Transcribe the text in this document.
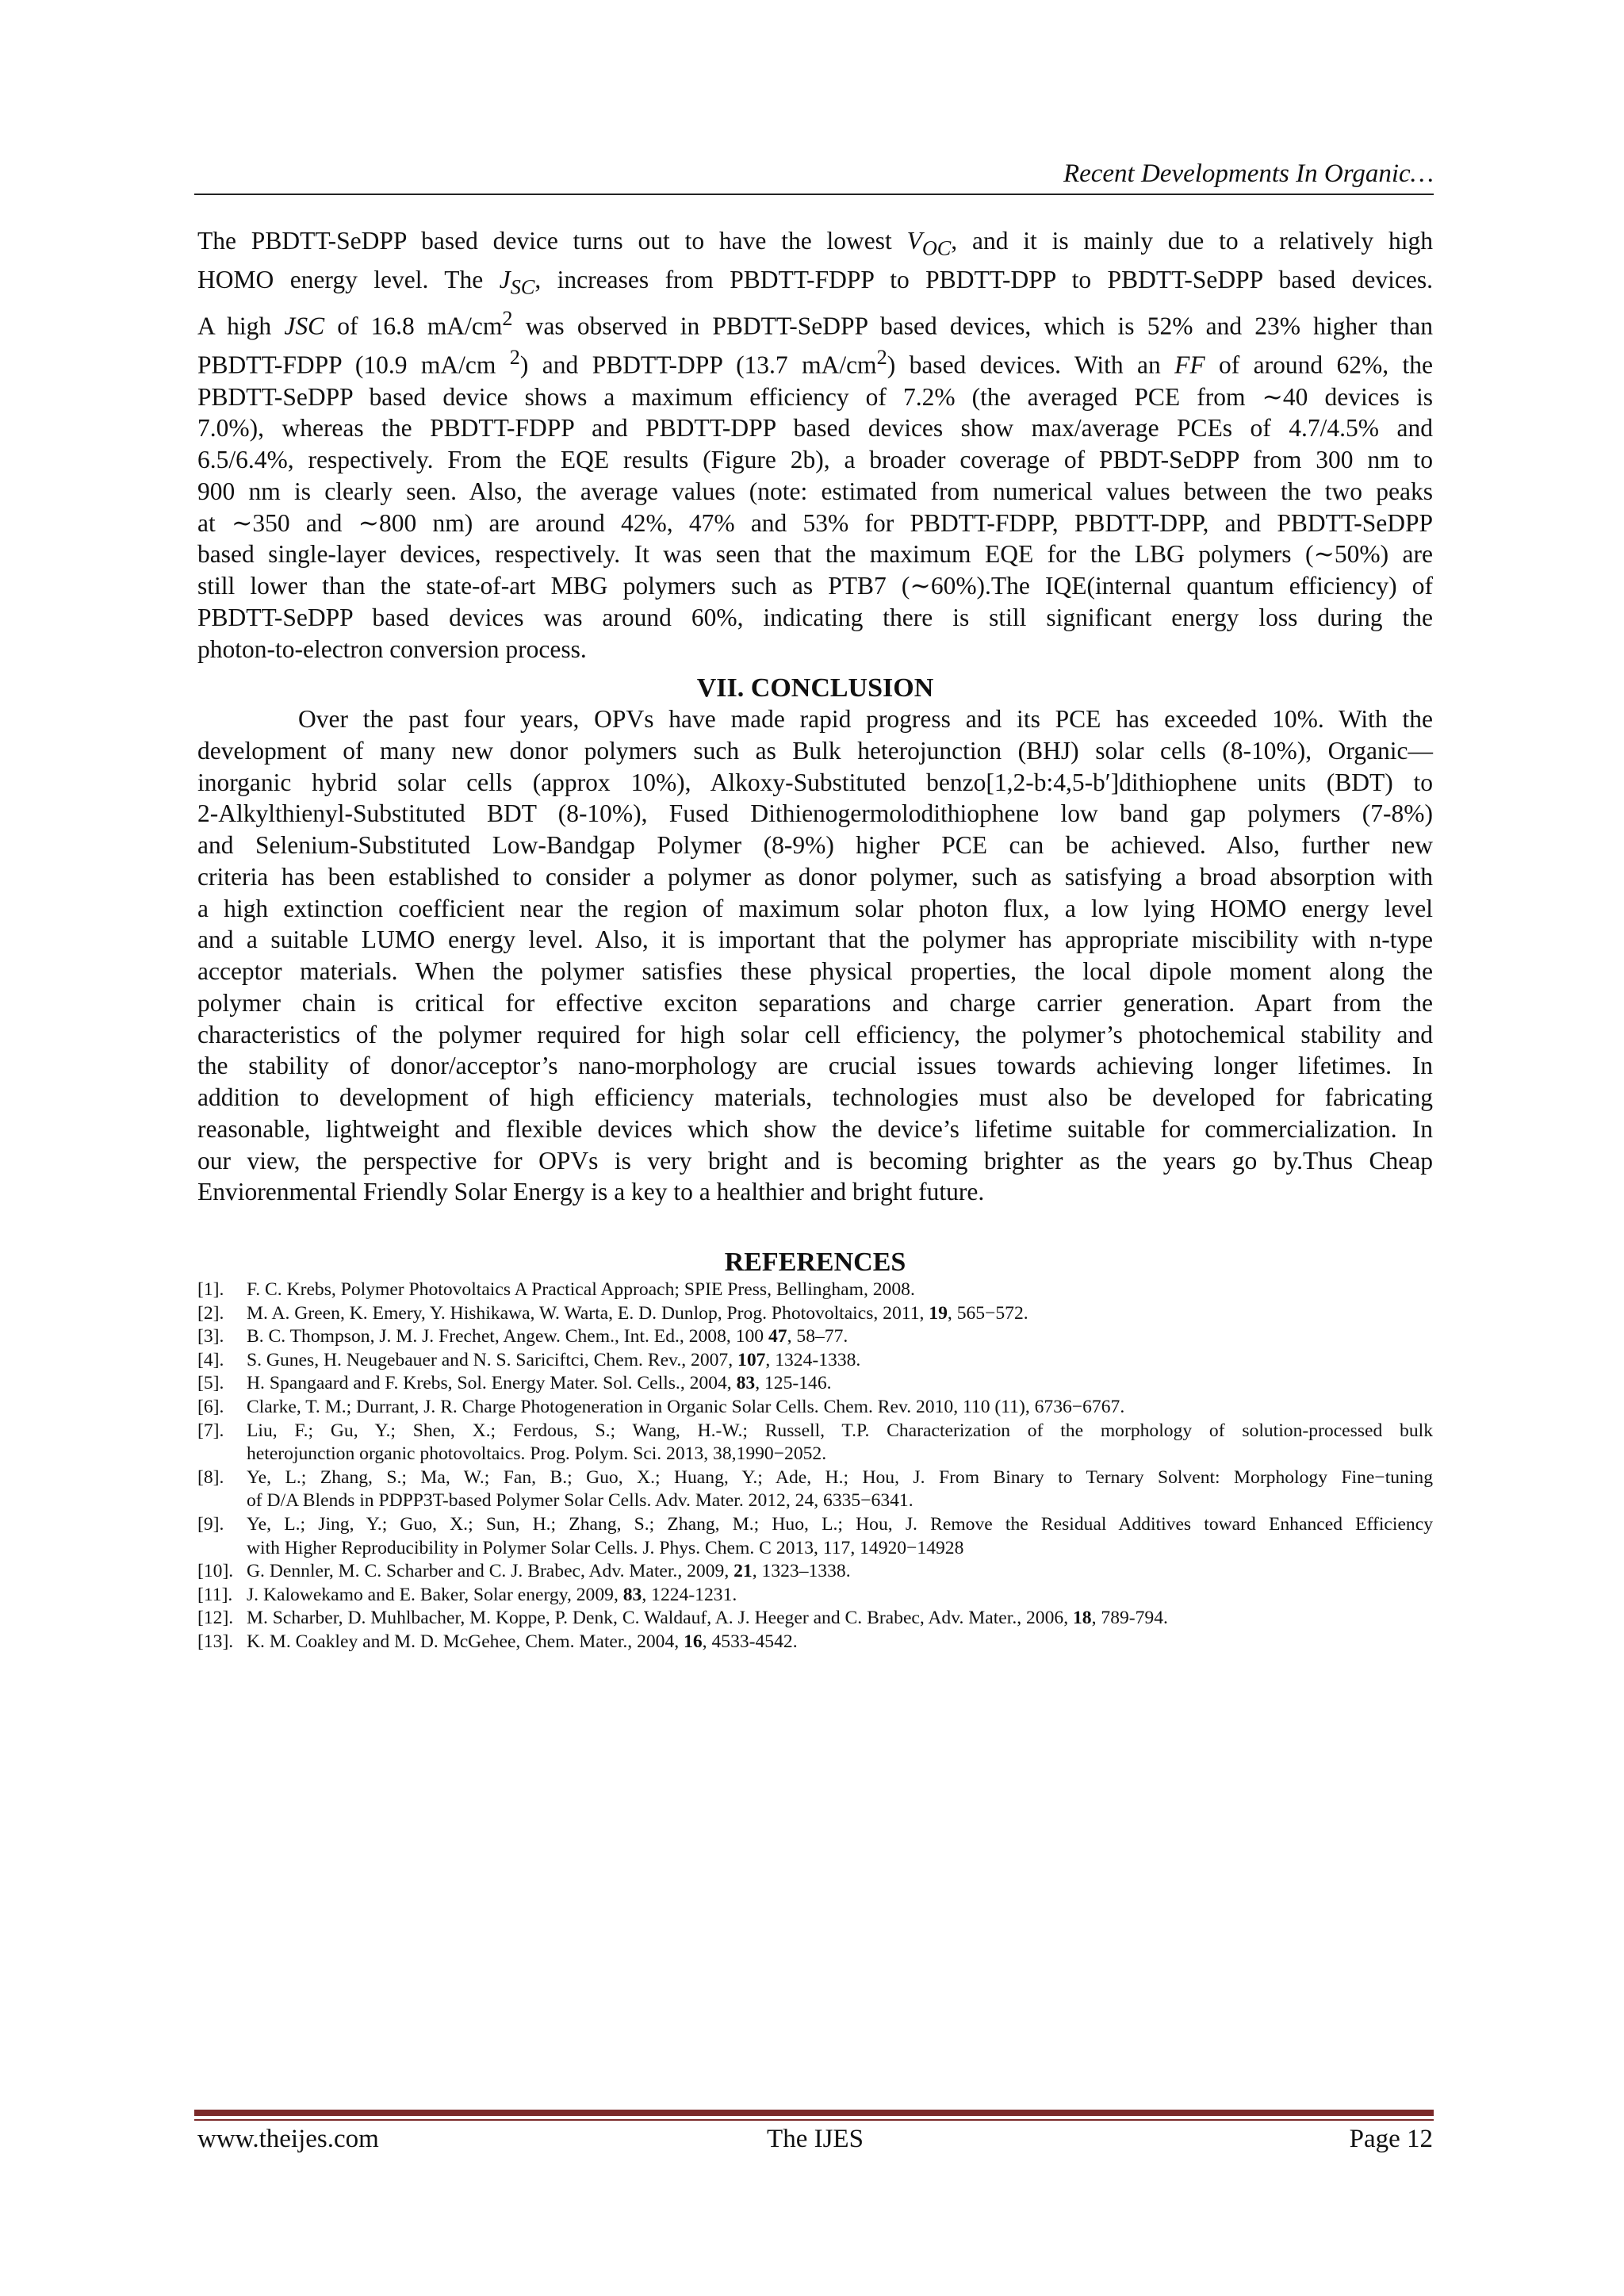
Recent Developments In Organic…
The PBDTT-SeDPP based device turns out to have the lowest $V_{OC}$, and it is mainly due to a relatively high
HOMO energy level. The $J_{SC}$, increases from PBDTT-FDPP to PBDTT-DPP to PBDTT-SeDPP based devices.
A high JSC of 16.8 $mA/cm^2$ was observed in PBDTT-SeDPP based devices, which is 52% and 23% higher than
PBDTT-FDPP (10.9 mA/cm $^2$) and PBDTT-DPP (13.7 $mA/cm^2$) based devices. With an FF of around 62%, the
PBDTT-SeDPP based device shows a maximum efficiency of 7.2% (the averaged PCE from ∼40 devices is
7.0%), whereas the PBDTT-FDPP and PBDTT-DPP based devices show max/average PCEs of 4.7/4.5% and
6.5/6.4%, respectively. From the EQE results (Figure 2b), a broader coverage of PBDT-SeDPP from 300 nm to
900 nm is clearly seen. Also, the average values (note: estimated from numerical values between the two peaks
at ∼350 and ∼800 nm) are around 42%, 47% and 53% for PBDTT-FDPP, PBDTT-DPP, and PBDTT-SeDPP
based single-layer devices, respectively. It was seen that the maximum EQE for the LBG polymers (∼50%) are
still lower than the state-of-art MBG polymers such as PTB7 (∼60%).The IQE(internal quantum efficiency) of
PBDTT-SeDPP based devices was around 60%, indicating there is still significant energy loss during the
photon-to-electron conversion process.
VII. CONCLUSION
Over the past four years, OPVs have made rapid progress and its PCE has exceeded 10%. With the
development of many new donor polymers such as Bulk heterojunction (BHJ) solar cells (8-10%), Organic—
inorganic hybrid solar cells (approx 10%), Alkoxy-Substituted benzo[1,2-b:4,5-b′]dithiophene units (BDT) to
2-Alkylthienyl-Substituted BDT (8-10%), Fused Dithienogermolodithiophene low band gap polymers (7-8%)
and Selenium-Substituted Low-Bandgap Polymer (8-9%) higher PCE can be achieved. Also, further new
criteria has been established to consider a polymer as donor polymer, such as satisfying a broad absorption with
a high extinction coefficient near the region of maximum solar photon flux, a low lying HOMO energy level
and a suitable LUMO energy level. Also, it is important that the polymer has appropriate miscibility with n-type
acceptor materials. When the polymer satisfies these physical properties, the local dipole moment along the
polymer chain is critical for effective exciton separations and charge carrier generation. Apart from the
characteristics of the polymer required for high solar cell efficiency, the polymer’s photochemical stability and
the stability of donor/acceptor’s nano-morphology are crucial issues towards achieving longer lifetimes. In
addition to development of high efficiency materials, technologies must also be developed for fabricating
reasonable, lightweight and flexible devices which show the device’s lifetime suitable for commercialization. In
our view, the perspective for OPVs is very bright and is becoming brighter as the years go by.Thus Cheap
Enviorenmental Friendly Solar Energy is a key to a healthier and bright future.
REFERENCES
[1]. F. C. Krebs, Polymer Photovoltaics A Practical Approach; SPIE Press, Bellingham, 2008.
[2]. M. A. Green, K. Emery, Y. Hishikawa, W. Warta, E. D. Dunlop, Prog. Photovoltaics, 2011, 19, 565−572.
[3]. B. C. Thompson, J. M. J. Frechet, Angew. Chem., Int. Ed., 2008, 100 47, 58–77.
[4]. S. Gunes, H. Neugebauer and N. S. Sariciftci, Chem. Rev., 2007, 107, 1324-1338.
[5]. H. Spangaard and F. Krebs, Sol. Energy Mater. Sol. Cells., 2004, 83, 125-146.
[6]. Clarke, T. M.; Durrant, J. R. Charge Photogeneration in Organic Solar Cells. Chem. Rev. 2010, 110 (11), 6736−6767.
[7]. Liu, F.; Gu, Y.; Shen, X.; Ferdous, S.; Wang, H.-W.; Russell, T.P. Characterization of the morphology of solution-processed bulk
heterojunction organic photovoltaics. Prog. Polym. Sci. 2013, 38,1990−2052.
[8]. Ye, L.; Zhang, S.; Ma, W.; Fan, B.; Guo, X.; Huang, Y.; Ade, H.; Hou, J. From Binary to Ternary Solvent: Morphology Fine−tuning
of D/A Blends in PDPP3T-based Polymer Solar Cells. Adv. Mater. 2012, 24, 6335−6341.
[9]. Ye, L.; Jing, Y.; Guo, X.; Sun, H.; Zhang, S.; Zhang, M.; Huo, L.; Hou, J. Remove the Residual Additives toward Enhanced Efficiency
with Higher Reproducibility in Polymer Solar Cells. J. Phys. Chem. C 2013, 117, 14920−14928
[10]. G. Dennler, M. C. Scharber and C. J. Brabec, Adv. Mater., 2009, 21, 1323–1338.
[11]. J. Kalowekamo and E. Baker, Solar energy, 2009, 83, 1224-1231.
[12]. M. Scharber, D. Muhlbacher, M. Koppe, P. Denk, C. Waldauf, A. J. Heeger and C. Brabec, Adv. Mater., 2006, 18, 789-794.
[13]. K. M. Coakley and M. D. McGehee, Chem. Mater., 2004, 16, 4533-4542.
www.theijes.com	The IJES	Page 12
